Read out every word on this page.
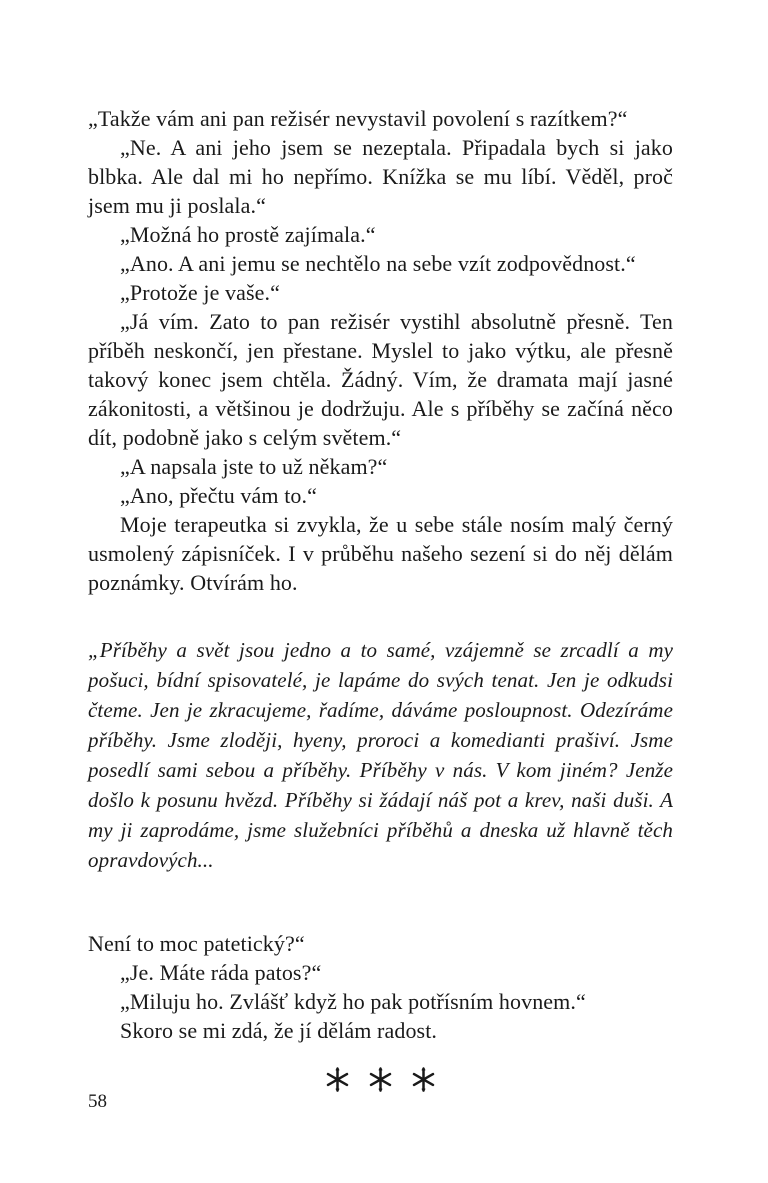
„Takže vám ani pan režisér nevystavil povolení s razítkem?“

„Ne. A ani jeho jsem se nezeptala. Připadala bych si jako blbka. Ale dal mi ho nepřímo. Knížka se mu líbí. Věděl, proč jsem mu ji poslala.“

„Možná ho prostě zajímala.“

„Ano. A ani jemu se nechtělo na sebe vzít zodpovědnost.“

„Protože je vaše.“

„Já vím. Zato to pan režisér vystihl absolutně přesně. Ten příběh neskončí, jen přestane. Myslel to jako výtku, ale přesně takový konec jsem chtěla. Žádný. Vím, že dramata mají jasné zákonitosti, a většinou je dodržuju. Ale s příběhy se začíná něco dít, podobně jako s celým světem.“

„A napsala jste to už někam?“

„Ano, přečtu vám to.“

Moje terapeutka si zvykla, že u sebe stále nosím malý černý usmolený zápisníček. I v průběhu našeho sezení si do něj dělám poznámky. Otvírám ho.

„Příběhy a svět jsou jedno a to samé, vzájemně se zrcadlí a my pošuci, bídní spisovatelé, je lapáme do svých tenat. Jen je odkudsi čteme. Jen je zkracujeme, řadíme, dáváme posloupnost. Odezíráme příběhy. Jsme zloději, hyeny, proroci a komedianti prašiví. Jsme posedlí sami sebou a příběhy. Příběhy v nás. V kom jiném? Jenže došlo k posunu hvězd. Příběhy si žádají náš pot a krev, naši duši. A my ji zaprodáme, jsme služebníci příběhů a dneska už hlavně těch opravdových...

Není to moc patetický?“

„Je. Máte ráda patos?“

„Miluju ho. Zvlášť když ho pak potřísním hovnem.“

Skoro se mi zdá, že jí dělám radost.

58
